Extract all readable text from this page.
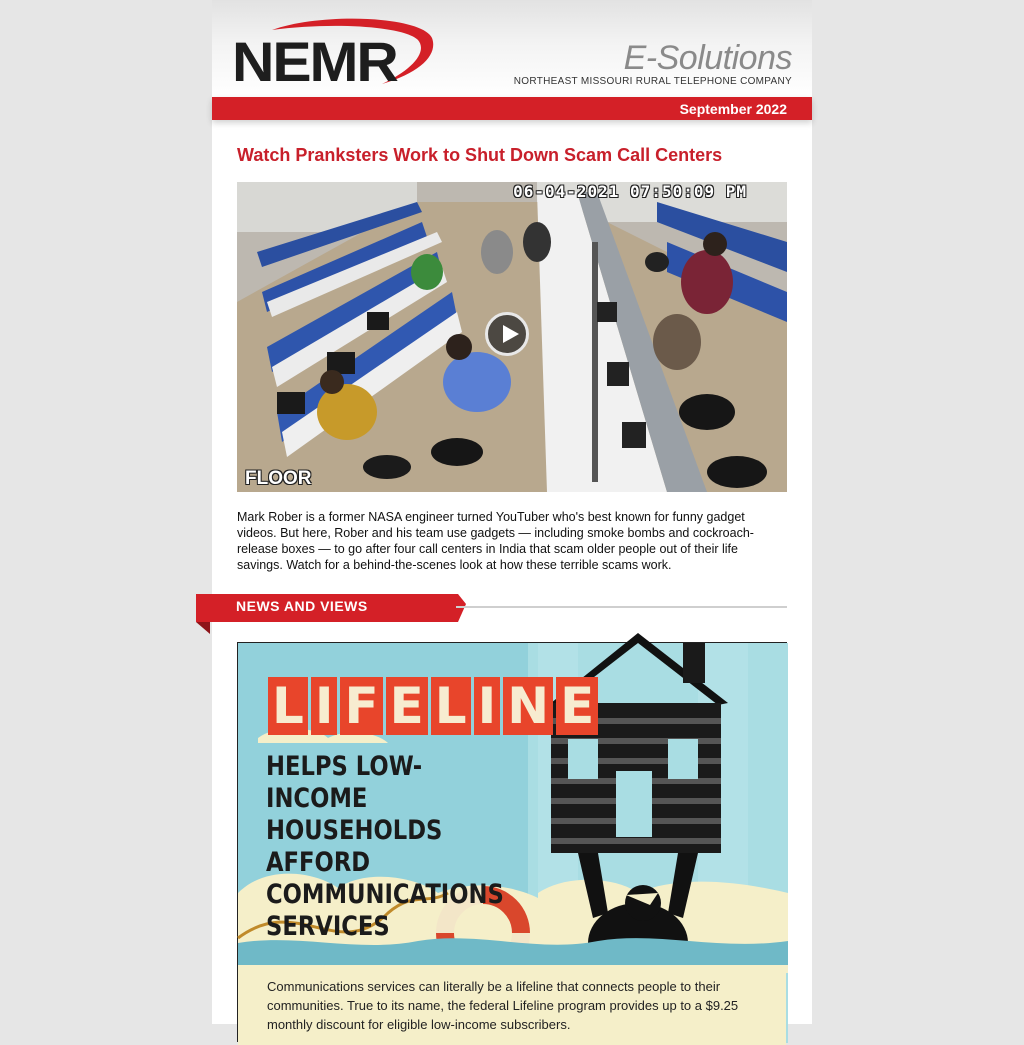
NEMR	E-Solutions
NORTHEAST MISSOURI RURAL TELEPHONE COMPANY
September 2022
Watch Pranksters Work to Shut Down Scam Call Centers
06-04-2021 07:50:09 PM
FLOOR
Mark Rober is a former NASA engineer turned YouTuber who's best known for funny gadget videos. But here, Rober and his team use gadgets — including smoke bombs and cockroach-release boxes — to go after four call centers in India that scam older people out of their life savings. Watch for a behind-the-scenes look at how these terrible scams work.
NEWS AND VIEWS
L I F E L I N E
HELPS LOW-INCOME
HOUSEHOLDS AFFORD
COMMUNICATIONS
SERVICES

Communications services can literally be a lifeline that connects people to their communities. True to its name, the federal Lifeline program provides up to a $9.25 monthly discount for eligible low-income subscribers.
